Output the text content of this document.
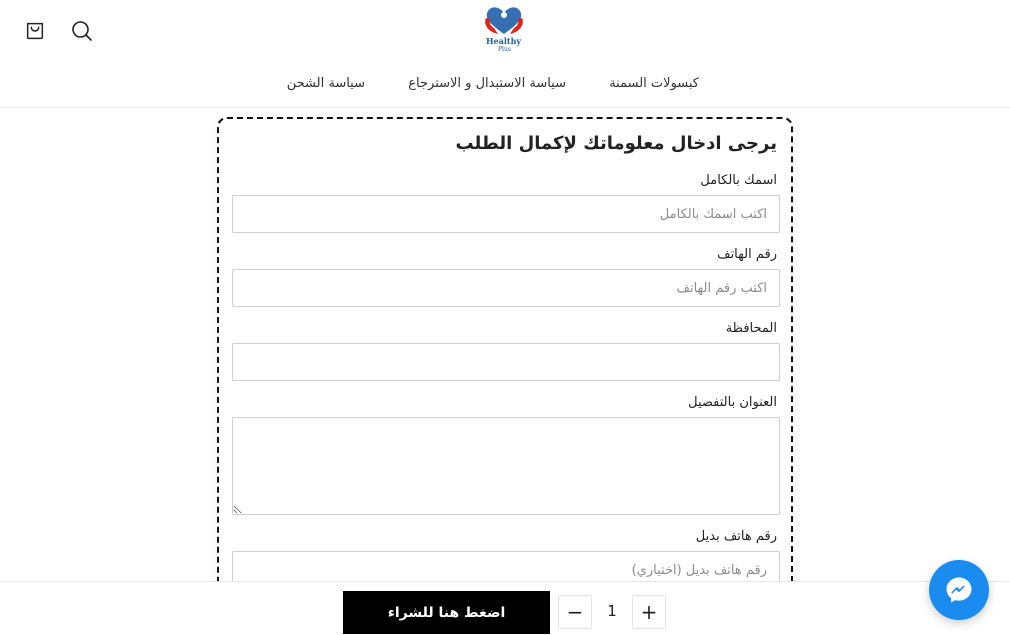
Healthy
Plus
كبسولات السمنة
سياسة الاستبدال و الاسترجاع
سياسة الشحن
يرجى ادخال معلوماتك لإكمال الطلب
اسمك بالكامل
اكتب اسمك بالكامل
رقم الهاتف
اكتب رقم الهاتف
المحافظة
العنوان بالتفصيل
رقم هاتف بديل
رقم هاتف بديل (اختياري)
اضغط هنا للشراء	−	1	+
